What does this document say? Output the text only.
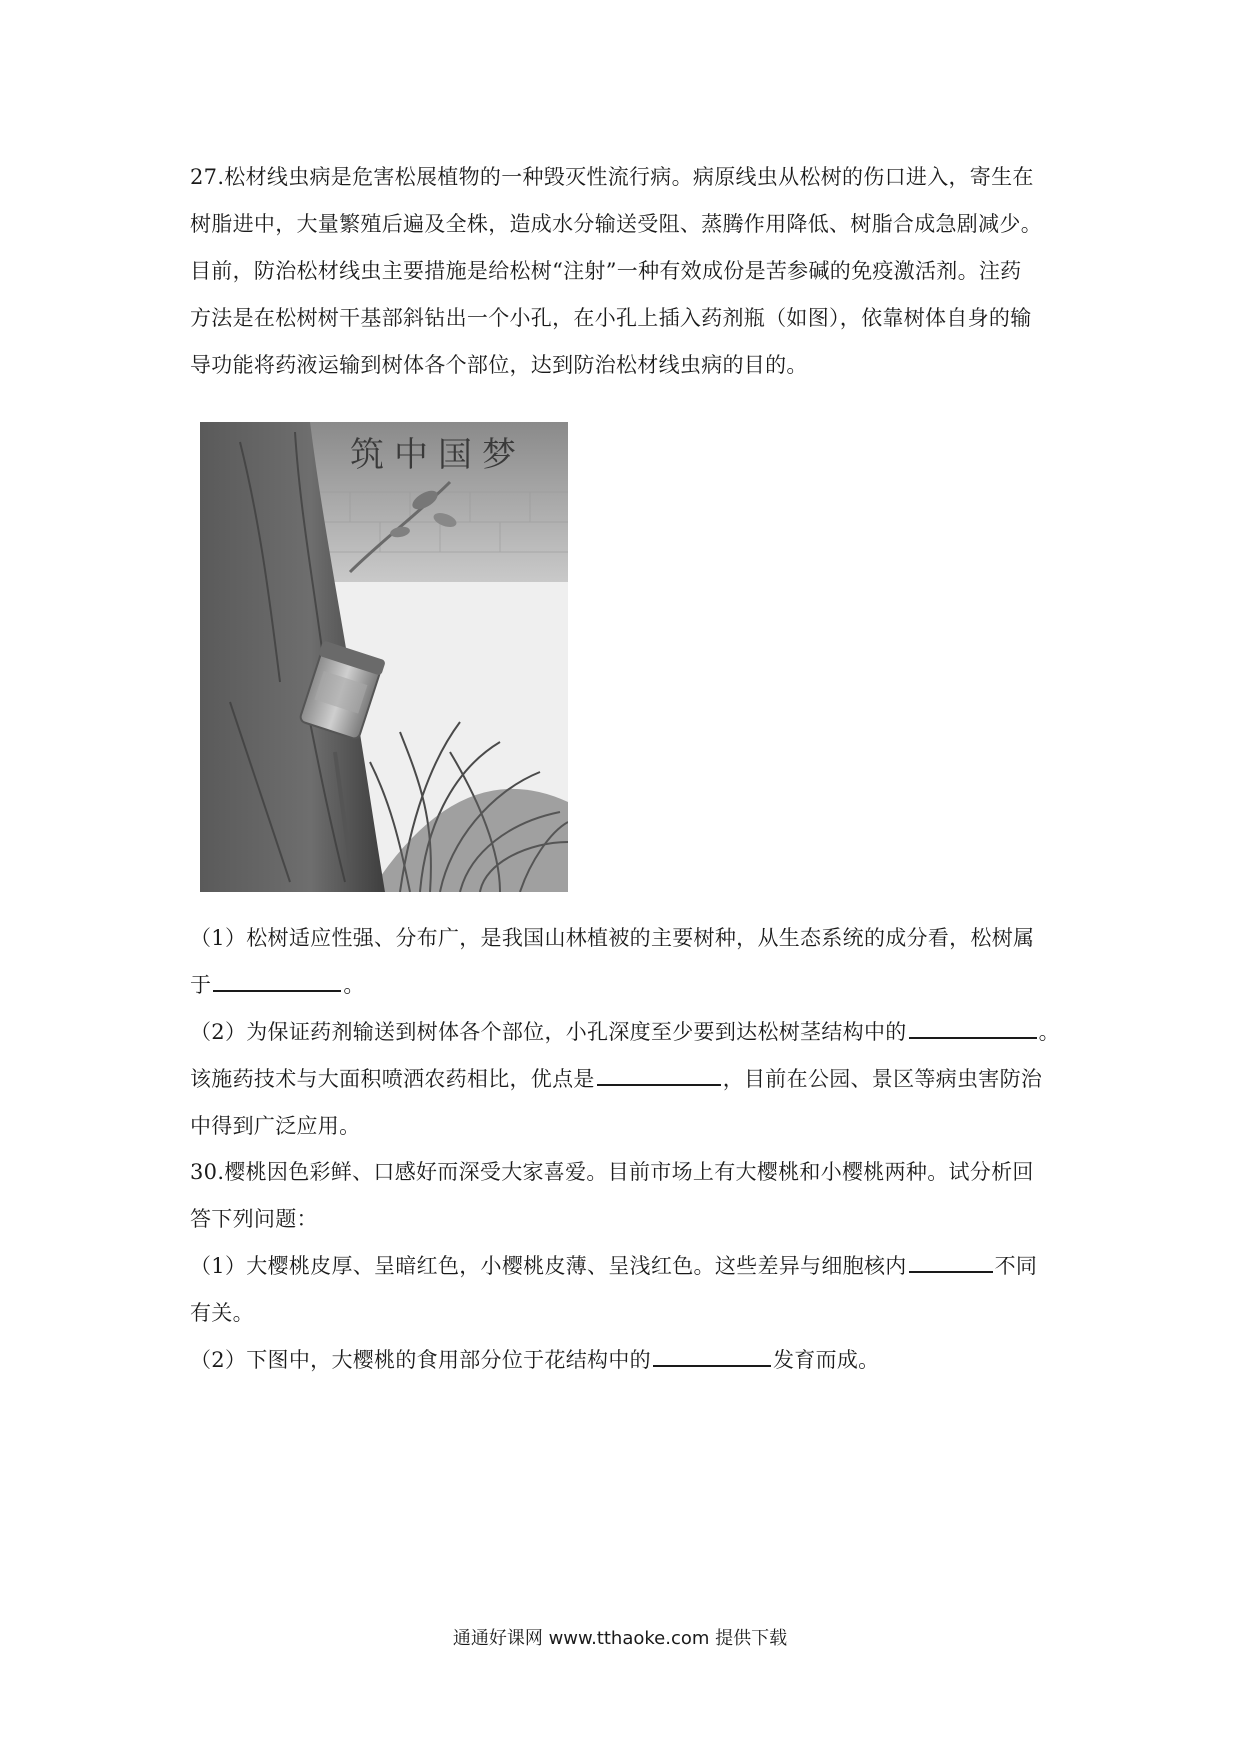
27.松材线虫病是危害松展植物的一种毁灭性流行病。病原线虫从松树的伤口进入，寄生在
树脂进中，大量繁殖后遍及全株，造成水分输送受阻、蒸腾作用降低、树脂合成急剧减少。
目前，防治松材线虫主要措施是给松树“注射”一种有效成份是苦参碱的免疫激活剂。注药
方法是在松树树干基部斜钻出一个小孔，在小孔上插入药剂瓶（如图），依靠树体自身的输
导功能将药液运输到树体各个部位，达到防治松材线虫病的目的。
筑中国梦
（1）松树适应性强、分布广，是我国山林植被的主要树种，从生态系统的成分看，松树属
于	。
（2）为保证药剂输送到树体各个部位，小孔深度至少要到达松树茎结构中的	。
该施药技术与大面积喷洒农药相比，优点是	，目前在公园、景区等病虫害防治
中得到广泛应用。
30.樱桃因色彩鲜、口感好而深受大家喜爱。目前市场上有大樱桃和小樱桃两种。试分析回
答下列问题：
（1）大樱桃皮厚、呈暗红色，小樱桃皮薄、呈浅红色。这些差异与细胞核内	不同
有关。
（2）下图中，大樱桃的食用部分位于花结构中的	发育而成。
通通好课网 www.tthaoke.com 提供下载
